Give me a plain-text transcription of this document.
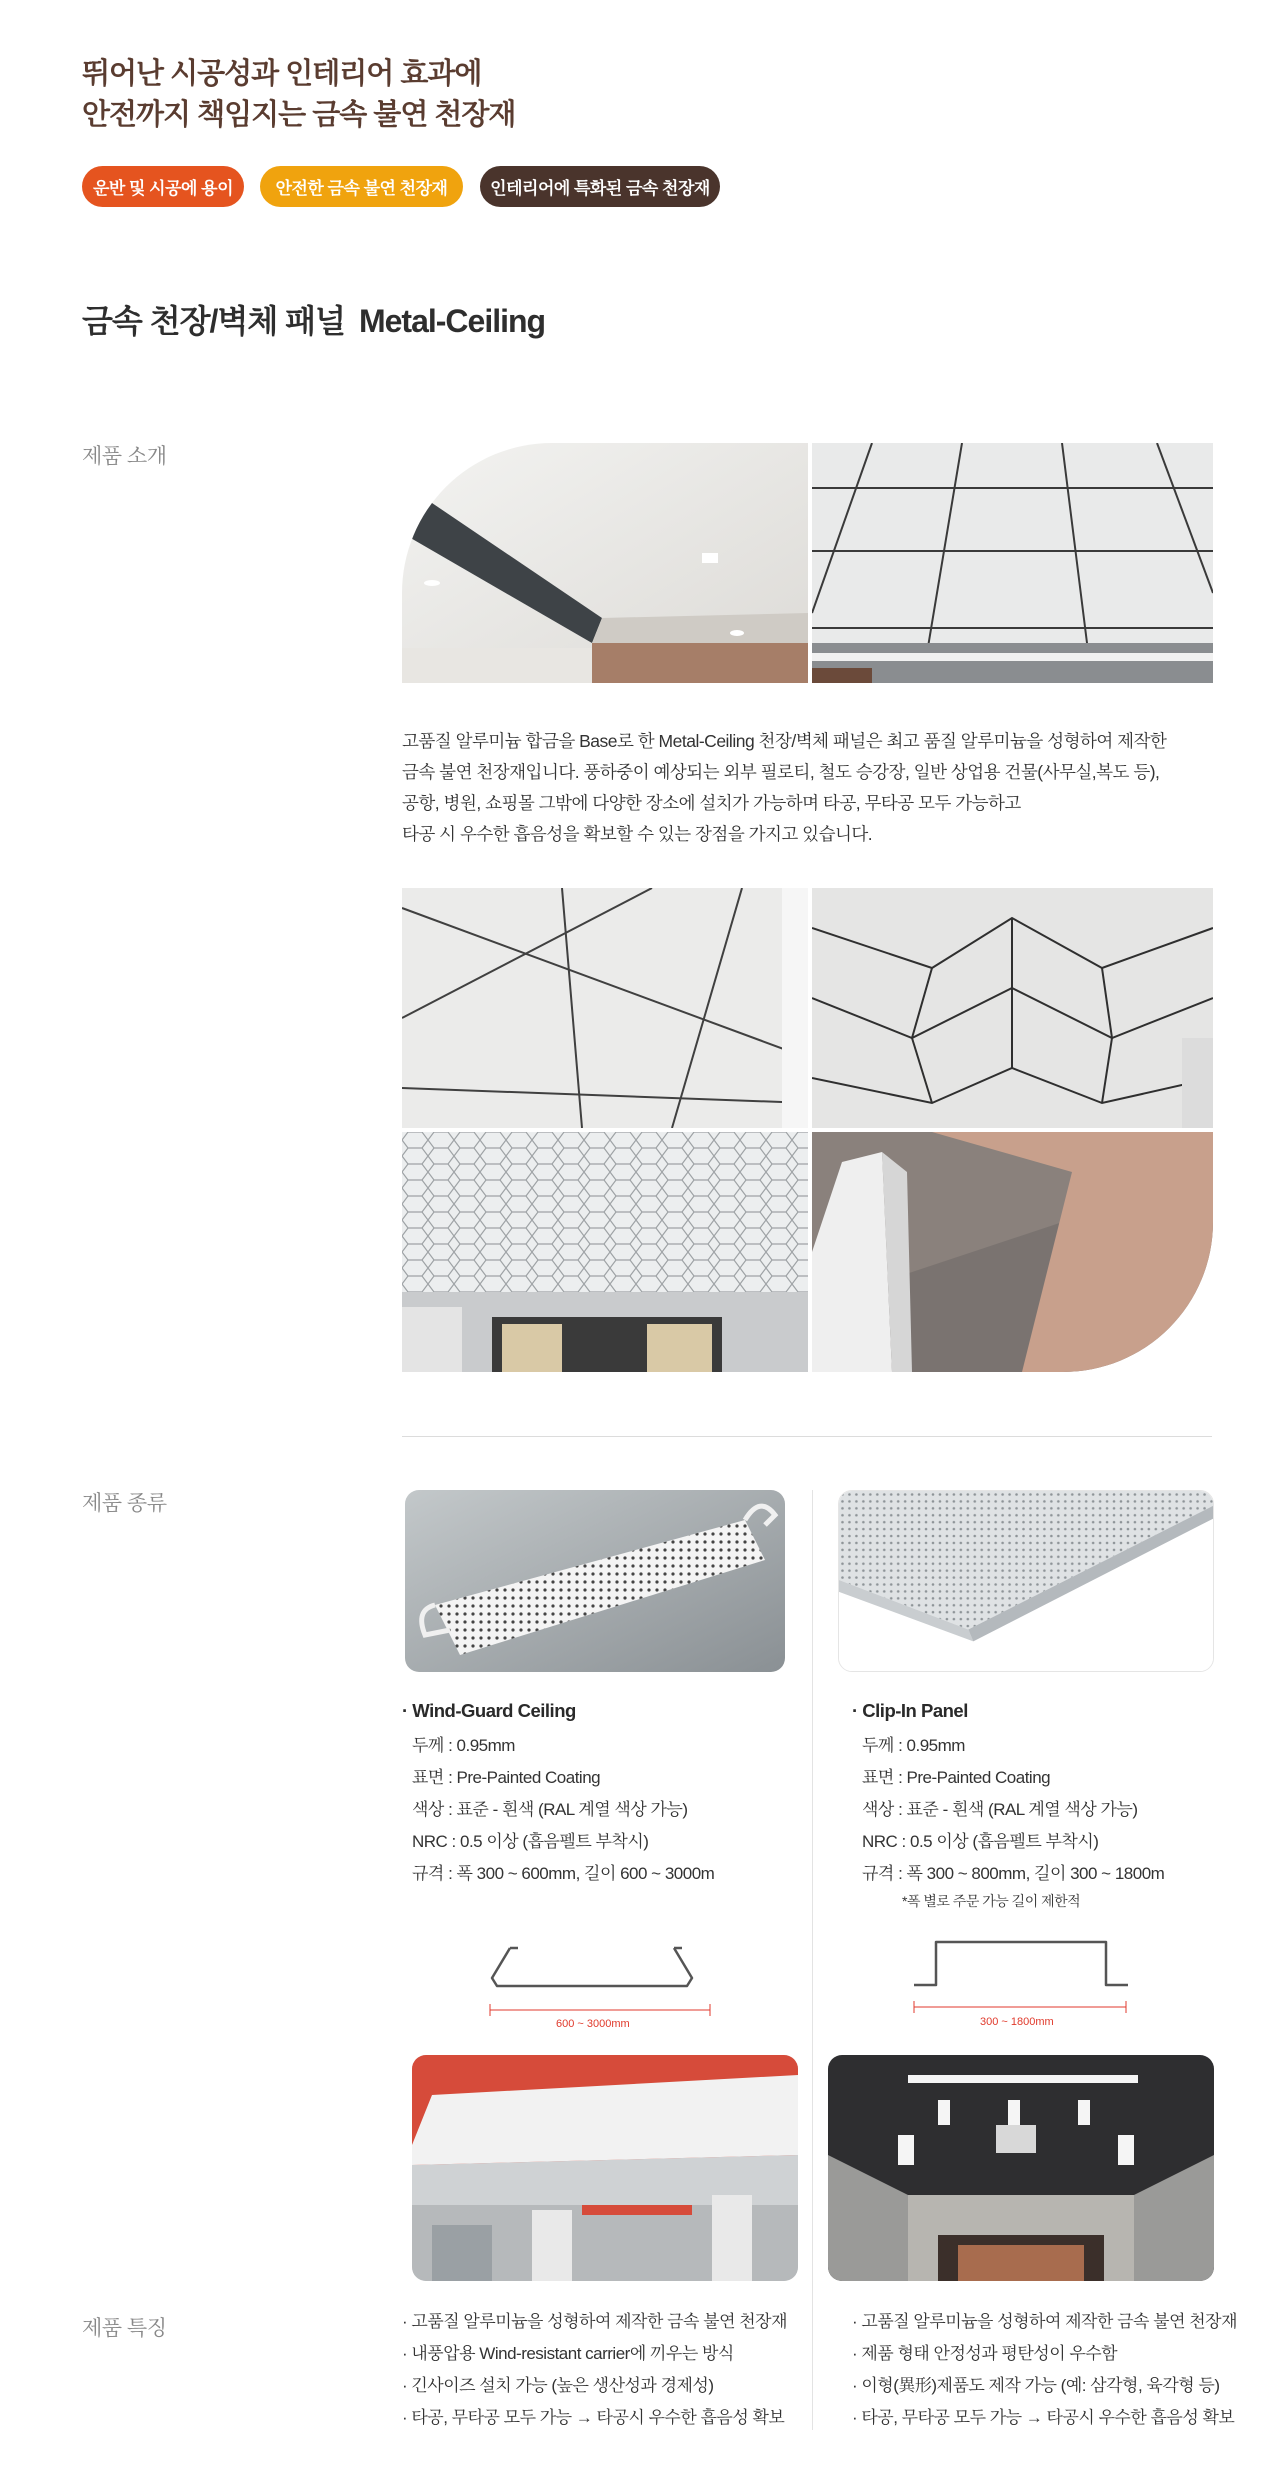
뛰어난 시공성과 인테리어 효과에
안전까지 책임지는 금속 불연 천장재
운반 및 시공에 용이	안전한 금속 불연 천장재	인테리어에 특화된 금속 천장재
금속 천장/벽체 패널 Metal-Ceiling
제품 소개
고품질 알루미늄 합금을 Base로 한 Metal-Ceiling 천장/벽체 패널은 최고 품질 알루미늄을 성형하여 제작한
금속 불연 천장재입니다. 풍하중이 예상되는 외부 필로티, 철도 승강장, 일반 상업용 건물(사무실,복도 등),
공항, 병원, 쇼핑몰 그밖에 다양한 장소에 설치가 가능하며 타공, 무타공 모두 가능하고
타공 시 우수한 흡음성을 확보할 수 있는 장점을 가지고 있습니다.
제품 종류
· Wind-Guard Ceiling
두께 : 0.95mm
표면 : Pre-Painted Coating
색상 : 표준 - 흰색 (RAL 계열 색상 가능)
NRC : 0.5 이상 (흡음펠트 부착시)
규격 : 폭 300 ~ 600mm, 길이 600 ~ 3000m
· Clip-In Panel
두께 : 0.95mm
표면 : Pre-Painted Coating
색상 : 표준 - 흰색 (RAL 계열 색상 가능)
NRC : 0.5 이상 (흡음펠트 부착시)
규격 : 폭 300 ~ 800mm, 길이 300 ~ 1800m
*폭 별로 주문 가능 길이 제한적
600 ~ 3000mm	300 ~ 1800mm
제품 특징	· 고품질 알루미늄을 성형하여 제작한 금속 불연 천장재
· 내풍압용 Wind-resistant carrier에 끼우는 방식
· 긴사이즈 설치 가능 (높은 생산성과 경제성)
· 타공, 무타공 모두 가능 → 타공시 우수한 흡음성 확보
· 고품질 알루미늄을 성형하여 제작한 금속 불연 천장재
· 제품 형태 안정성과 평탄성이 우수함
· 이형(異形)제품도 제작 가능 (예: 삼각형, 육각형 등)
· 타공, 무타공 모두 가능 → 타공시 우수한 흡음성 확보
